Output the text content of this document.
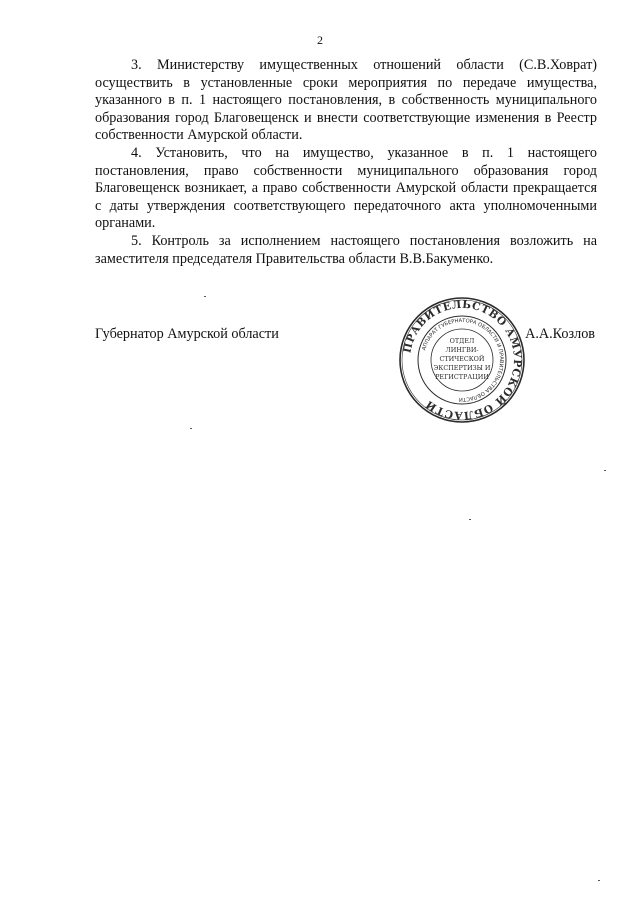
2

3. Министерству имущественных отношений области (С.В.Ховрат) осуществить в установленные сроки мероприятия по передаче имущества, указанного в п. 1 настоящего постановления, в собственность муниципального образования город Благовещенск и внести соответствующие изменения в Реестр собственности Амурской области.

4. Установить, что на имущество, указанное в п. 1 настоящего постановления, право собственности муниципального образования город Благовещенск возникает, а право собственности Амурской области прекращается с даты утверждения соответствующего передаточного акта уполномоченными органами.

5. Контроль за исполнением настоящего постановления возложить на заместителя председателя Правительства области В.В.Бакуменко.

Губернатор Амурской области	А.А.Козлов
ПРАВИТЕЛЬСТВО АМУРСКОЙ ОБЛАСТИ
АППАРАТ ГУБЕРНАТОРА ОБЛАСТИ И ПРАВИТЕЛЬСТВА ОБЛАСТИ
ОТДЕЛ
ЛИНГВИ-
СТИЧЕСКОЙ
ЭКСПЕРТИЗЫ И
РЕГИСТРАЦИИ
